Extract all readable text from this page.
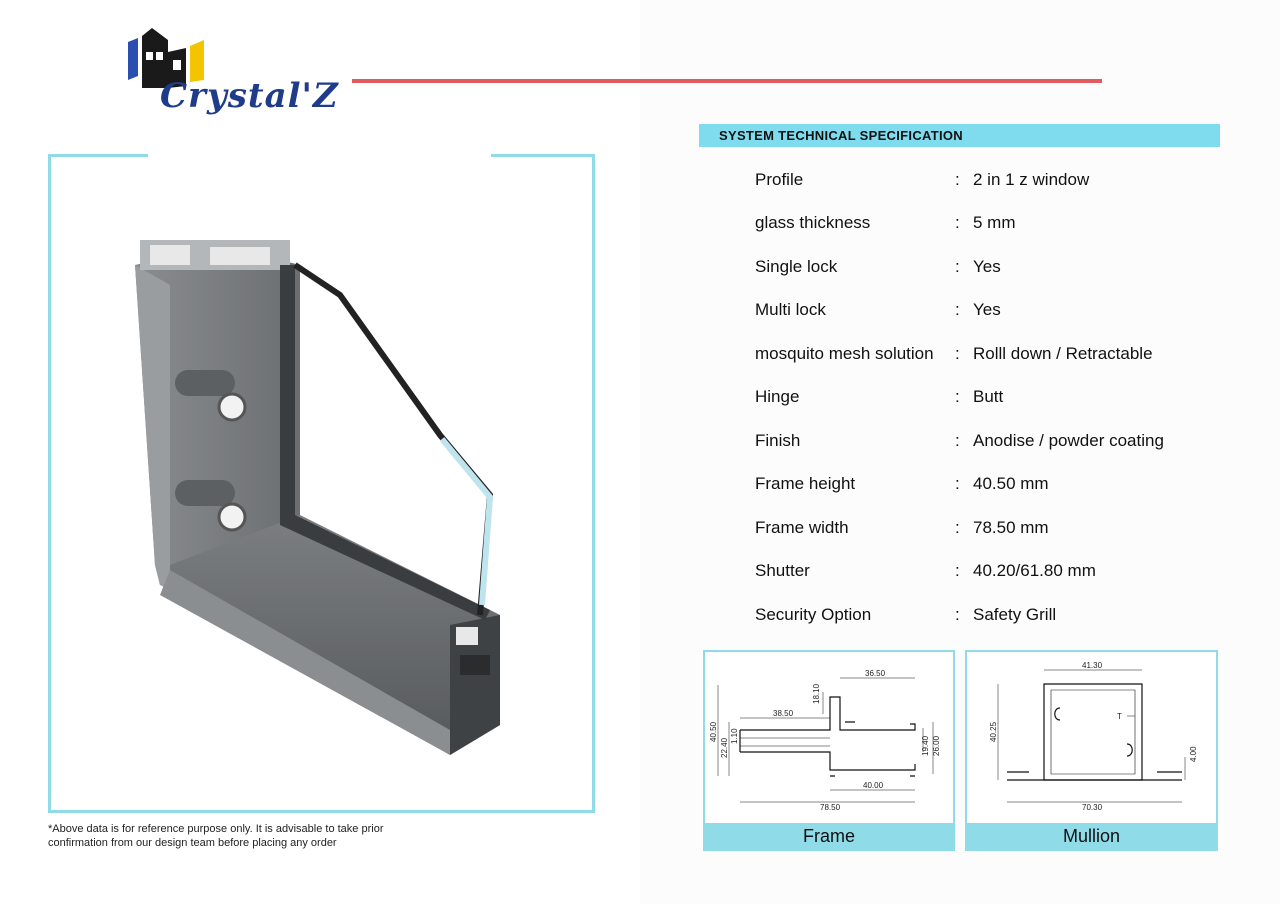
Crystal'Z
*Above data is for reference purpose only. It is advisable to take prior
confirmation from our design team before placing any order
SYSTEM TECHNICAL SPECIFICATION
Profile	: 2 in 1 z window
glass thickness	: 5 mm
Single lock	: Yes
Multi lock	: Yes
mosquito mesh solution : Rolll down / Retractable
Hinge	: Butt
Finish	: Anodise / powder coating
Frame height	: 40.50 mm
Frame width	: 78.50 mm
Shutter	: 40.20/61.80 mm
Security Option	: Safety Grill
36.50
18.10
38.50
40.50
22.40
1.10	19.40 26.00
40.00
78.50
Frame
41.30
40.25
T
4.00
70.30
Mullion
